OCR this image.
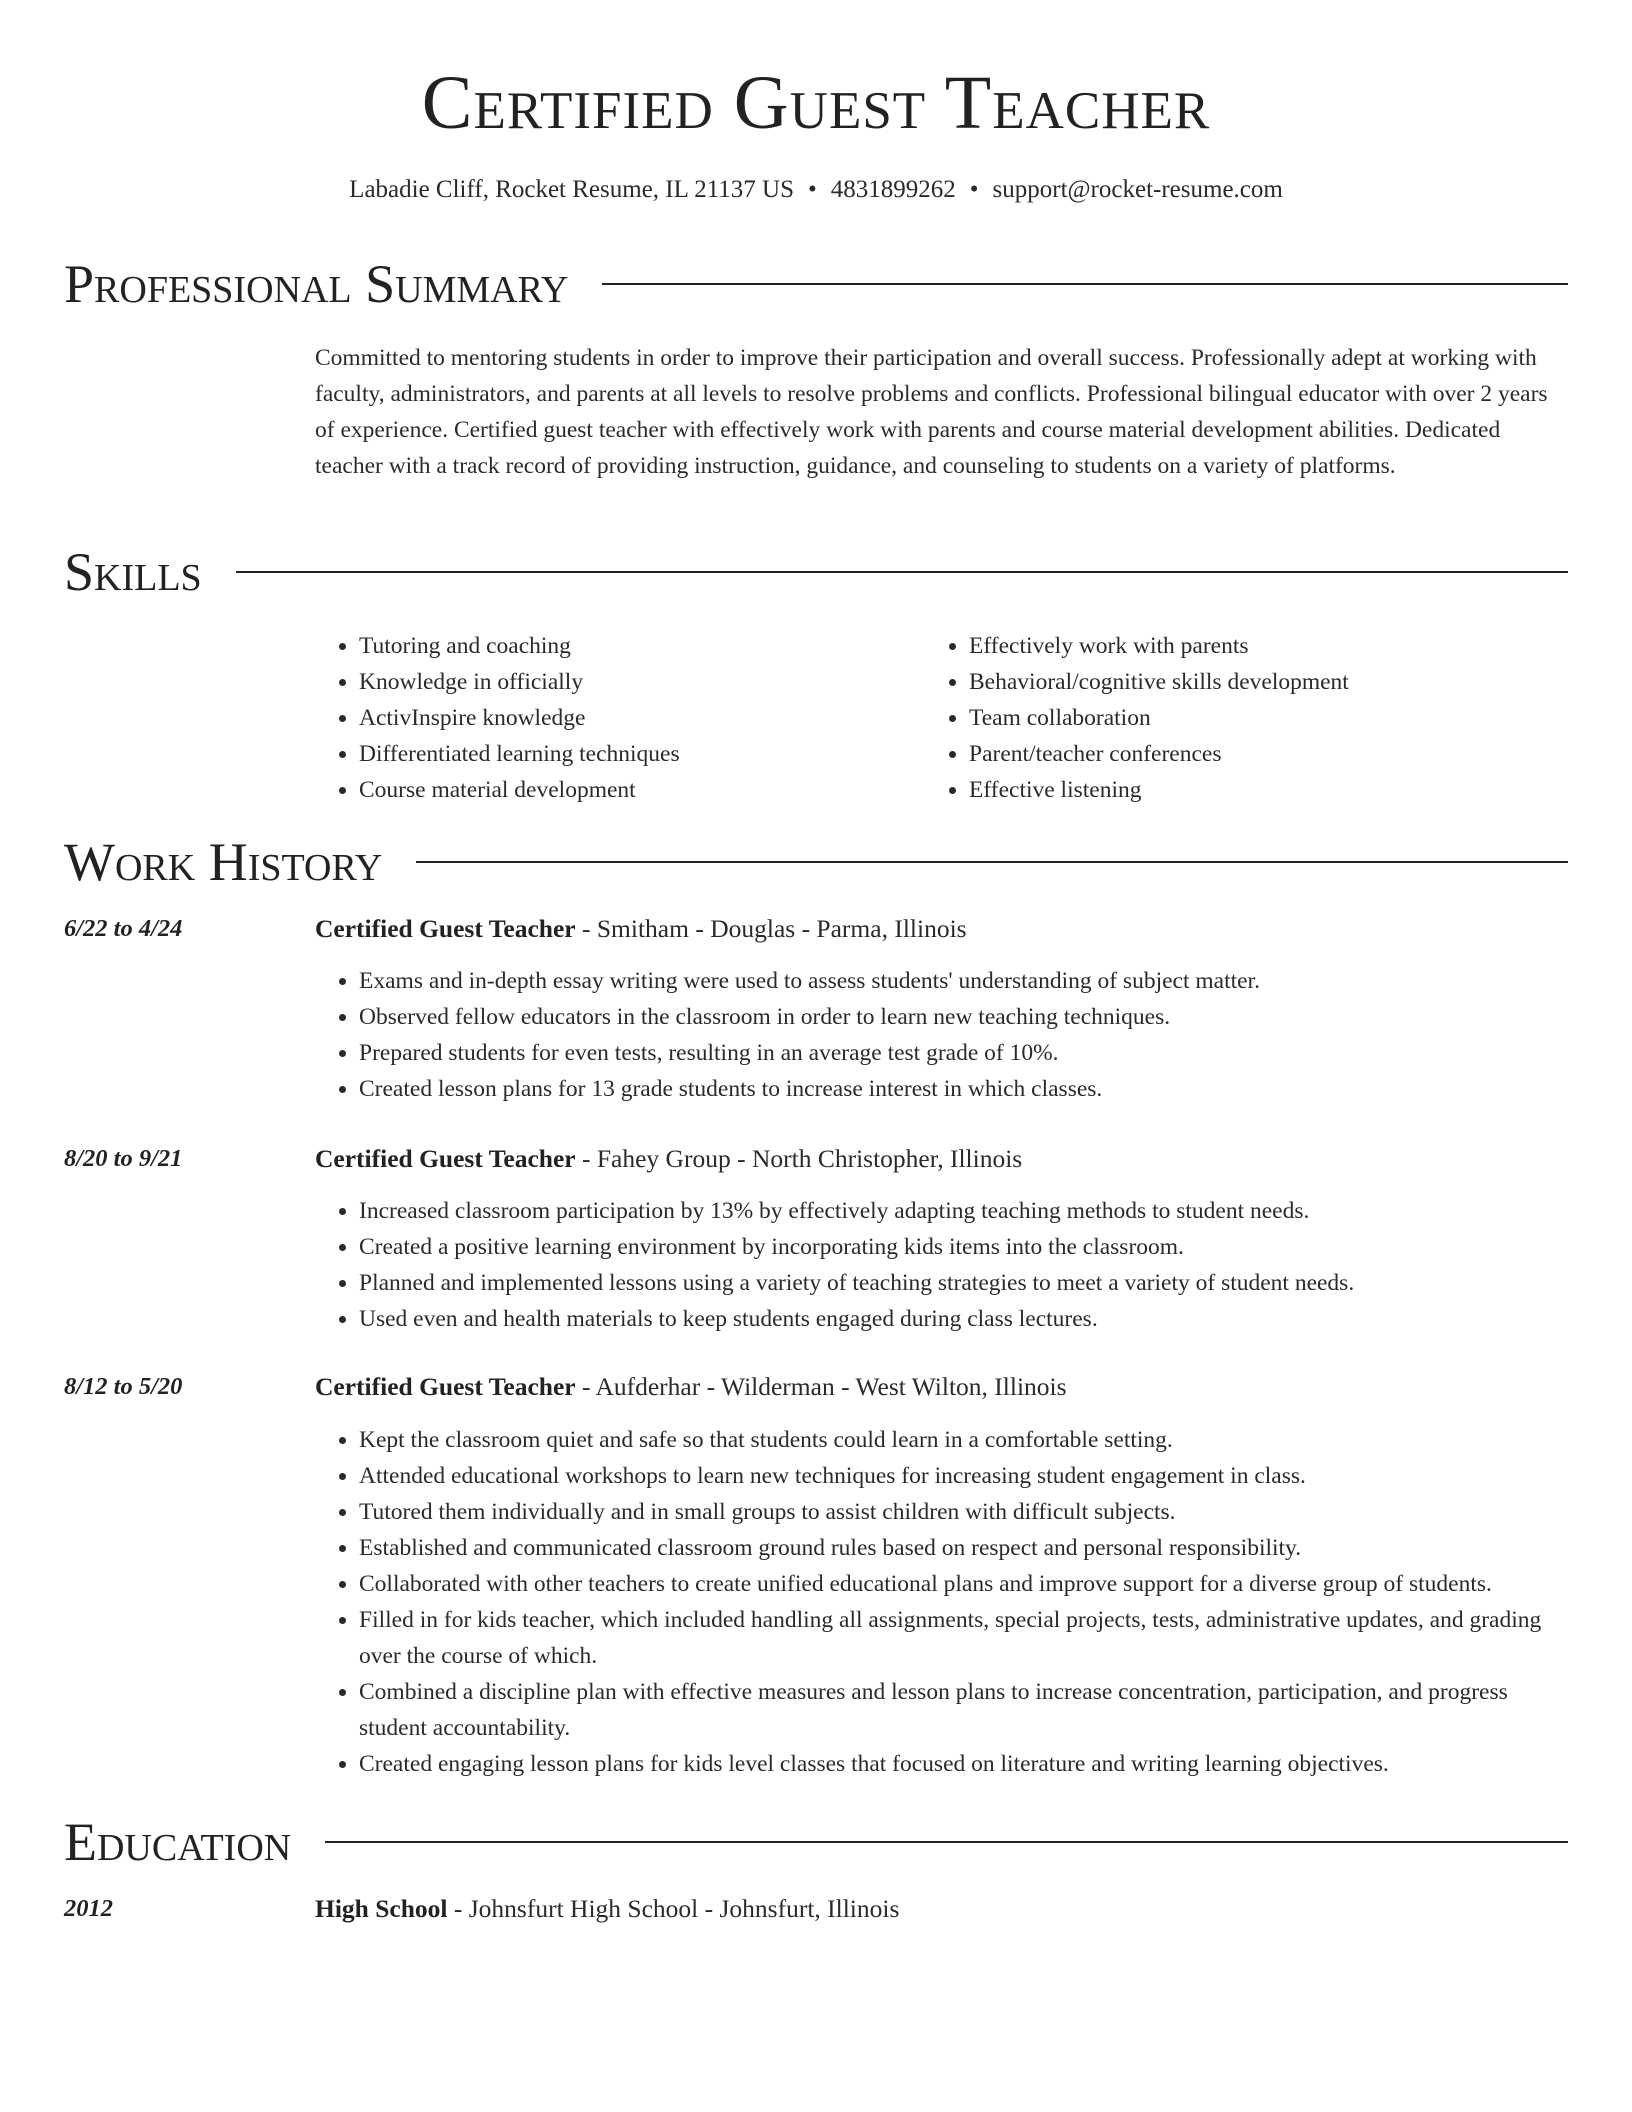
Certified Guest Teacher
Labadie Cliff, Rocket Resume, IL 21137 US • 4831899262 • support@rocket-resume.com
Professional Summary

Committed to mentoring students in order to improve their participation and overall success. Professionally adept at working with faculty, administrators, and parents at all levels to resolve problems and conflicts. Professional bilingual educator with over 2 years of experience. Certified guest teacher with effectively work with parents and course material development abilities. Dedicated teacher with a track record of providing instruction, guidance, and counseling to students on a variety of platforms.

Skills
• Tutoring and coaching
• Knowledge in officially
• ActivInspire knowledge
• Differentiated learning techniques
• Course material development
• Effectively work with parents
• Behavioral/cognitive skills development
• Team collaboration
• Parent/teacher conferences
• Effective listening
Work History
6/22 to 4/24	Certified Guest Teacher - Smitham - Douglas - Parma, Illinois
• Exams and in-depth essay writing were used to assess students' understanding of subject matter.
• Observed fellow educators in the classroom in order to learn new teaching techniques.
• Prepared students for even tests, resulting in an average test grade of 10%.
• Created lesson plans for 13 grade students to increase interest in which classes.
8/20 to 9/21	Certified Guest Teacher - Fahey Group - North Christopher, Illinois
• Increased classroom participation by 13% by effectively adapting teaching methods to student needs.
• Created a positive learning environment by incorporating kids items into the classroom.
• Planned and implemented lessons using a variety of teaching strategies to meet a variety of student needs.
• Used even and health materials to keep students engaged during class lectures.
8/12 to 5/20	Certified Guest Teacher - Aufderhar - Wilderman - West Wilton, Illinois
• Kept the classroom quiet and safe so that students could learn in a comfortable setting.
• Attended educational workshops to learn new techniques for increasing student engagement in class.
• Tutored them individually and in small groups to assist children with difficult subjects.
• Established and communicated classroom ground rules based on respect and personal responsibility.
• Collaborated with other teachers to create unified educational plans and improve support for a diverse group of students.
• Filled in for kids teacher, which included handling all assignments, special projects, tests, administrative updates, and grading over the course of which.
• Combined a discipline plan with effective measures and lesson plans to increase concentration, participation, and progress student accountability.
• Created engaging lesson plans for kids level classes that focused on literature and writing learning objectives.
Education
2012	High School - Johnsfurt High School - Johnsfurt, Illinois
